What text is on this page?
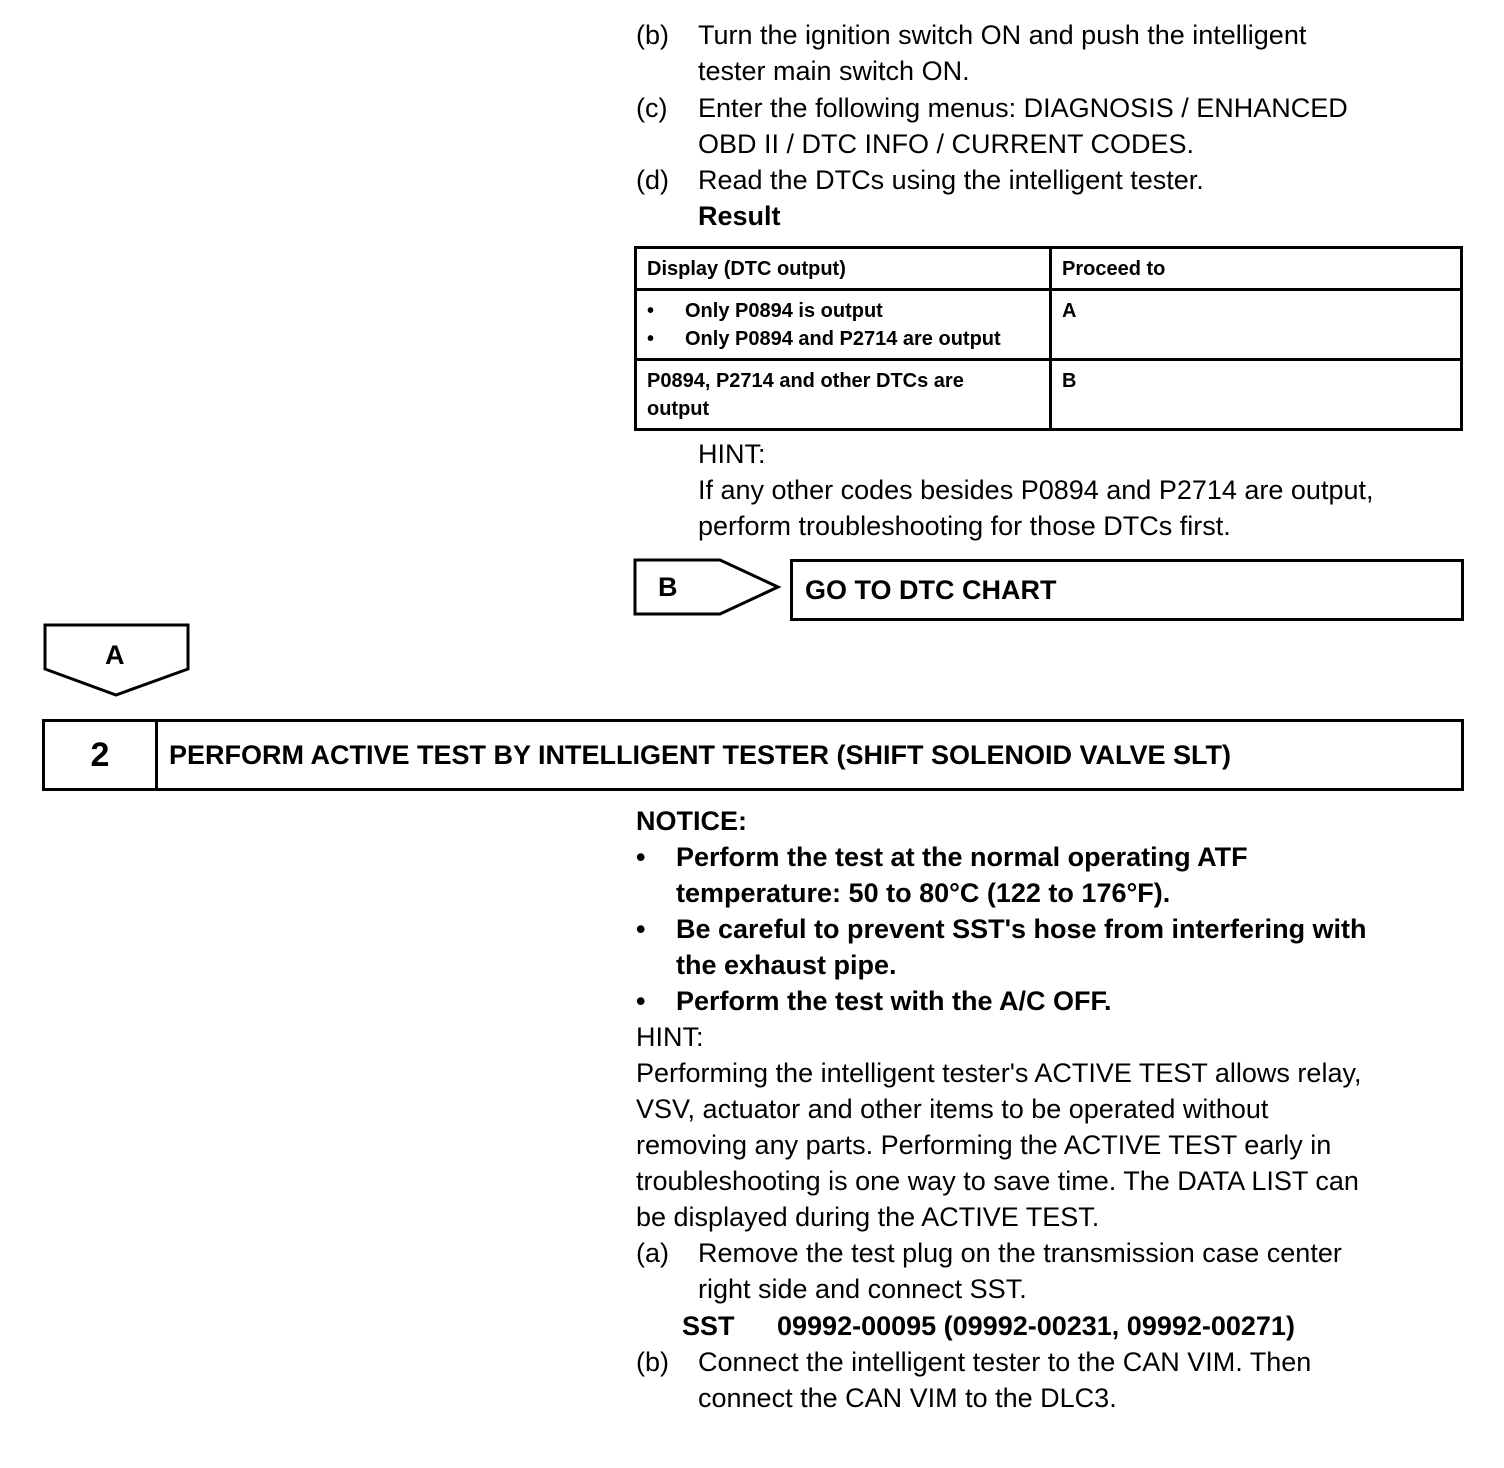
(b) Turn the ignition switch ON and push the intelligent
tester main switch ON.
(c) Enter the following menus: DIAGNOSIS / ENHANCED
OBD II / DTC INFO / CURRENT CODES.
(d) Read the DTCs using the intelligent tester.
Result
Display (DTC output)	Proceed to

• Only P0894 is output
• Only P0894 and P2714 are output	A

P0894, P2714 and other DTCs are
output	B
HINT:
If any other codes besides P0894 and P2714 are output,
perform troubleshooting for those DTCs first.
B	GO TO DTC CHART
A
2	PERFORM ACTIVE TEST BY INTELLIGENT TESTER (SHIFT SOLENOID VALVE SLT)
NOTICE:
• Perform the test at the normal operating ATF
temperature: 50 to 80°C (122 to 176°F).
• Be careful to prevent SST's hose from interfering with
the exhaust pipe.
• Perform the test with the A/C OFF.
HINT:
Performing the intelligent tester's ACTIVE TEST allows relay,
VSV, actuator and other items to be operated without
removing any parts. Performing the ACTIVE TEST early in
troubleshooting is one way to save time. The DATA LIST can
be displayed during the ACTIVE TEST.
(a) Remove the test plug on the transmission case center
right side and connect SST.
SST 09992-00095 (09992-00231, 09992-00271)
(b) Connect the intelligent tester to the CAN VIM. Then
connect the CAN VIM to the DLC3.
